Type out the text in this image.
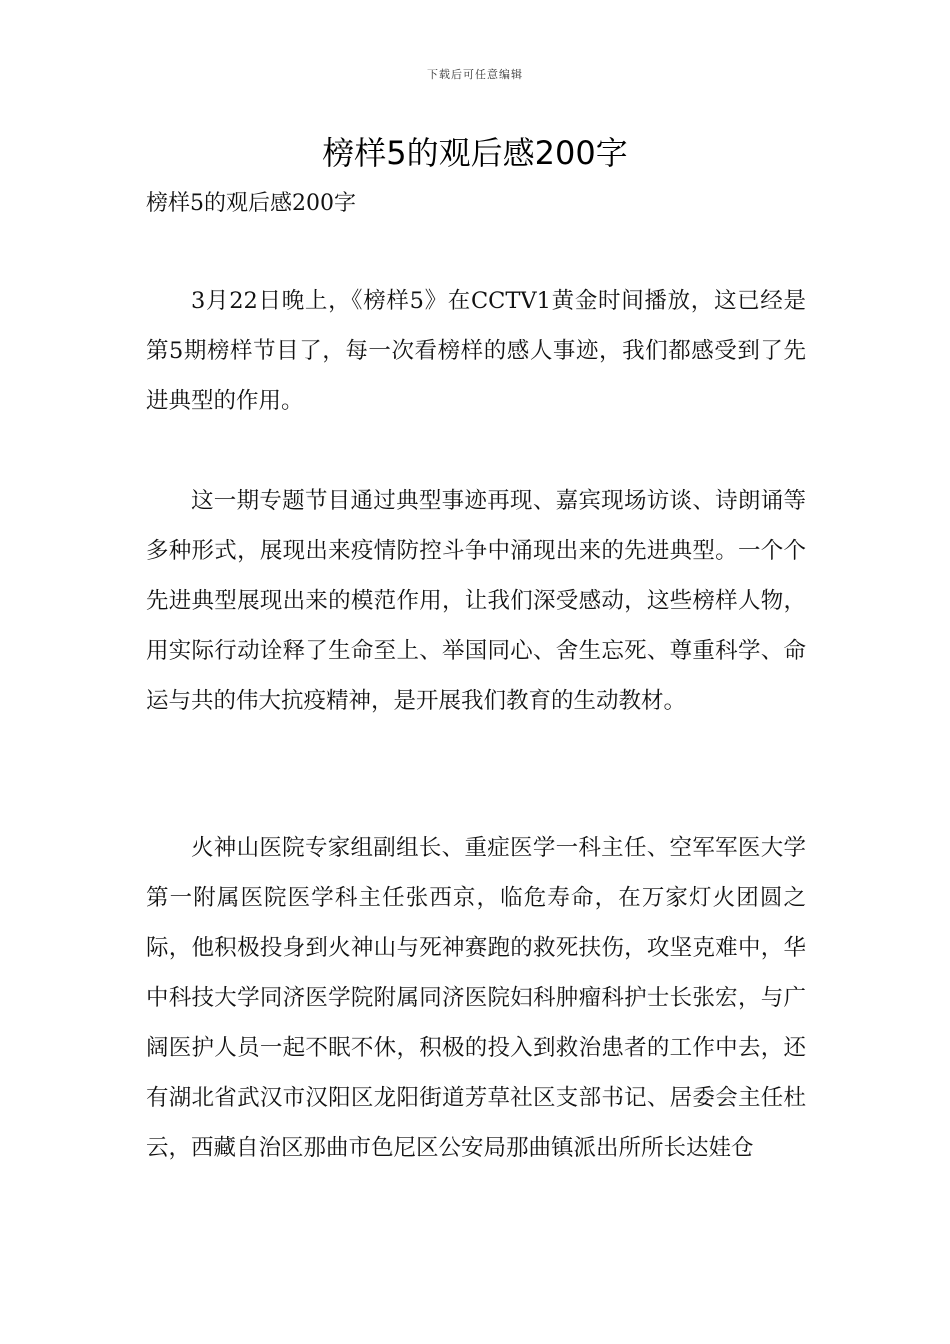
下载后可任意编辑
榜样5的观后感200字

榜样5的观后感200字

3月22日晚上，《榜样5》在CCTV1黄金时间播放，这已经是第5期榜样节目了，每一次看榜样的感人事迹，我们都感受到了先进典型的作用。

这一期专题节目通过典型事迹再现、嘉宾现场访谈、诗朗诵等多种形式，展现出来疫情防控斗争中涌现出来的先进典型。一个个先进典型展现出来的模范作用，让我们深受感动，这些榜样人物，用实际行动诠释了生命至上、举国同心、舍生忘死、尊重科学、命运与共的伟大抗疫精神，是开展我们教育的生动教材。

火神山医院专家组副组长、重症医学一科主任、空军军医大学第一附属医院医学科主任张西京，临危寿命，在万家灯火团圆之际，他积极投身到火神山与死神赛跑的救死扶伤，攻坚克难中，华中科技大学同济医学院附属同济医院妇科肿瘤科护士长张宏，与广阔医护人员一起不眠不休，积极的投入到救治患者的工作中去，还有湖北省武汉市汉阳区龙阳街道芳草社区支部书记、居委会主任杜云，西藏自治区那曲市色尼区公安局那曲镇派出所所长达娃仓
